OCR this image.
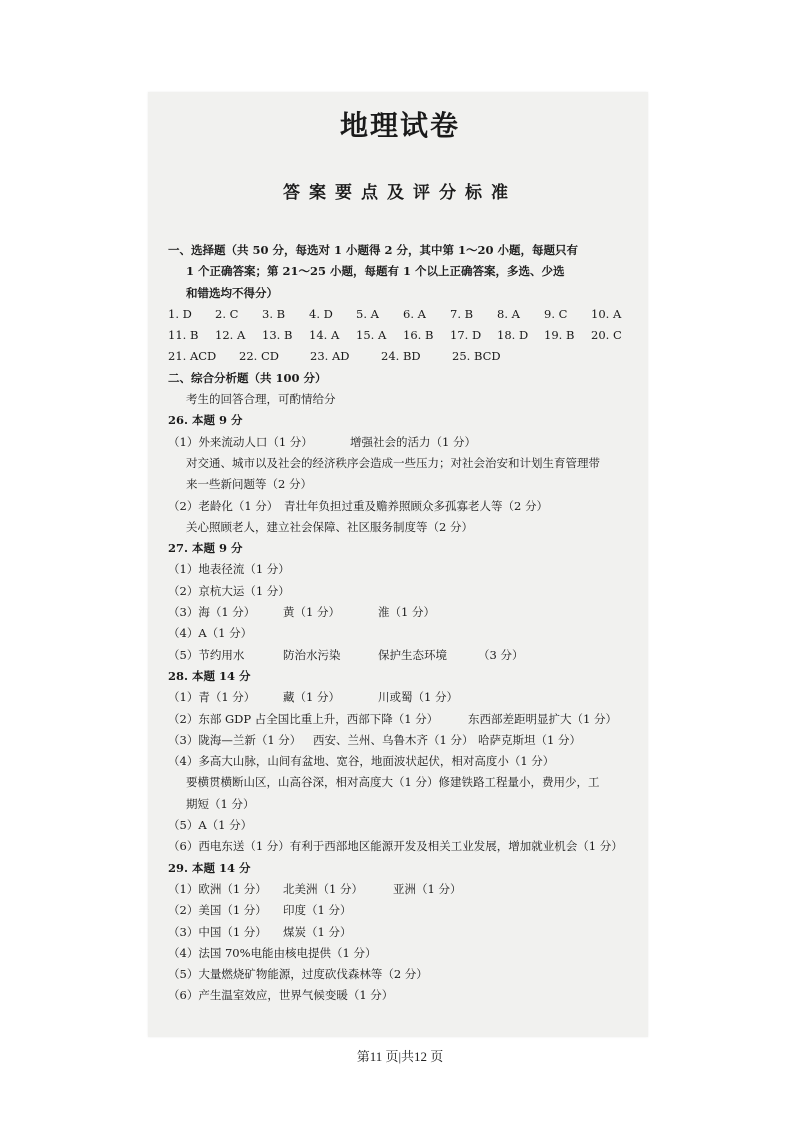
地理试卷
答案要点及评分标准
一、选择题（共 50 分，每选对 1 小题得 2 分，其中第 1～20 小题，每题只有
1 个正确答案；第 21～25 小题，每题有 1 个以上正确答案，多选、少选
和错选均不得分）
1. D	2. C	3. B	4. D	5. A	6. A	7. B	8. A	9. C	10. A
11. B	12. A	13. B	14. A	15. A	16. B	17. D	18. D	19. B	20. C
21. ACD	22. CD	23. AD	24. BD	25. BCD
二、综合分析题（共 100 分）
考生的回答合理，可酌情给分
26. 本题 9 分
（1）外来流动人口（1 分）	增强社会的活力（1 分）
对交通、城市以及社会的经济秩序会造成一些压力；对社会治安和计划生育管理带
来一些新问题等（2 分）
（2）老龄化（1 分）　青壮年负担过重及赡养照顾众多孤寡老人等（2 分）
关心照顾老人，建立社会保障、社区服务制度等（2 分）
27. 本题 9 分
（1）地表径流（1 分）
（2）京杭大运（1 分）
（3）海（1 分） 黄（1 分）	淮（1 分）
（4）A（1 分）
（5）节约用水	防治水污染	保护生态环境	（3 分）
28. 本题 14 分
（1）青（1 分） 藏（1 分）	川或蜀（1 分）
（2）东部 GDP 占全国比重上升，西部下降（1 分）	东西部差距明显扩大（1 分）
（3）陇海—兰新（1 分） 西安、兰州、乌鲁木齐（1 分） 哈萨克斯坦（1 分）
（4）多高大山脉，山间有盆地、宽谷，地面波状起伏，相对高度小（1 分）
要横贯横断山区，山高谷深，相对高度大（1 分）修建铁路工程量小，费用少，工
期短（1 分）
（5）A（1 分）
（6）西电东送（1 分）有利于西部地区能源开发及相关工业发展，增加就业机会（1 分）
29. 本题 14 分
（1）欧洲（1 分） 北美洲（1 分）	亚洲（1 分）
（2）美国（1 分） 印度（1 分）
（3）中国（1 分） 煤炭（1 分）
（4）法国 70%电能由核电提供（1 分）
（5）大量燃烧矿物能源，过度砍伐森林等（2 分）
（6）产生温室效应，世界气候变暖（1 分）
第11 页|共12 页
